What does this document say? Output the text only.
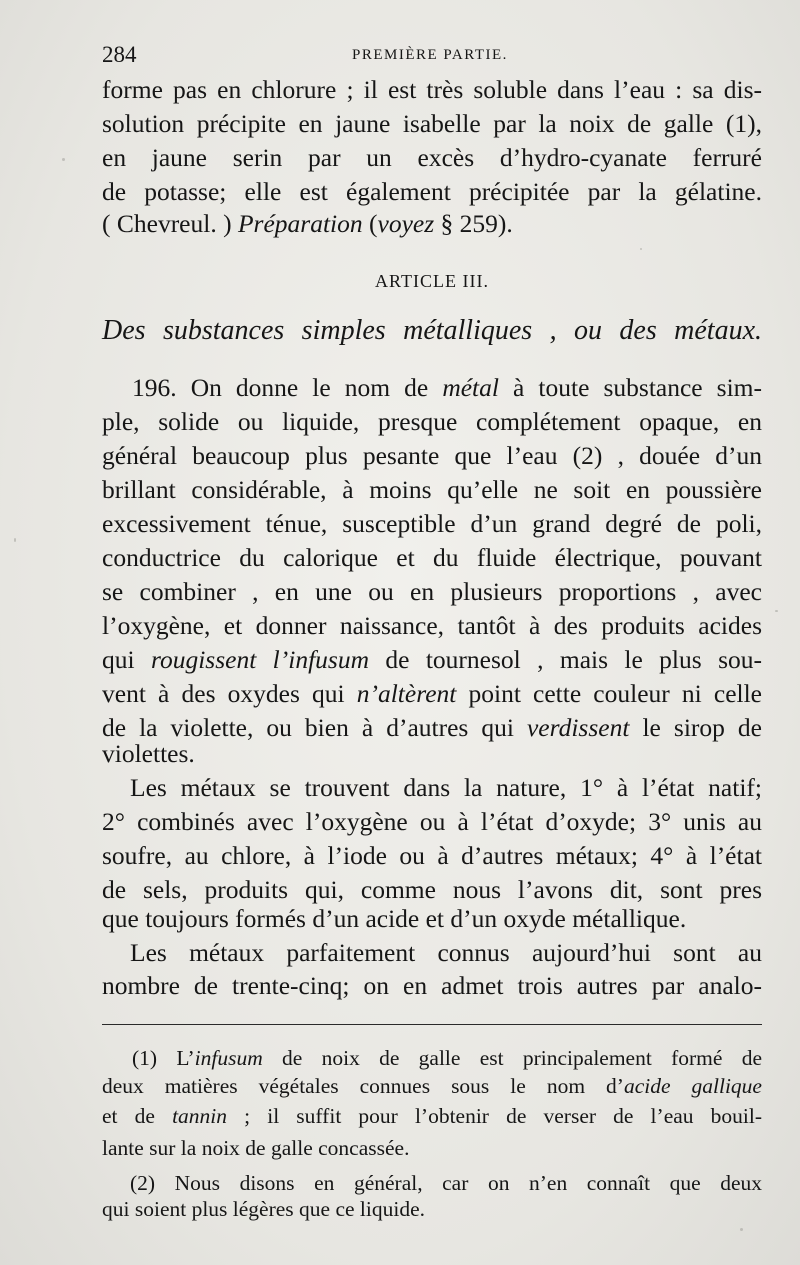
284	PREMIÈRE PARTIE.
forme pas en chlorure ; il est très soluble dans l’eau : sa dis-
solution précipite en jaune isabelle par la noix de galle (1),
en jaune serin par un excès d’hydro-cyanate ferruré
de potasse; elle est également précipitée par la gélatine.
( Chevreul. ) Préparation (voyez § 259).
ARTICLE III.
Des substances simples métalliques , ou des métaux.
196. On donne le nom de métal à toute substance sim-
ple, solide ou liquide, presque complétement opaque, en
général beaucoup plus pesante que l’eau (2) , douée d’un
brillant considérable, à moins qu’elle ne soit en poussière
excessivement ténue, susceptible d’un grand degré de poli,
conductrice du calorique et du fluide électrique, pouvant
se combiner , en une ou en plusieurs proportions , avec
l’oxygène, et donner naissance, tantôt à des produits acides
qui rougissent l’infusum de tournesol , mais le plus sou-
vent à des oxydes qui n’altèrent point cette couleur ni celle
de la violette, ou bien à d’autres qui verdissent le sirop de
violettes.
Les métaux se trouvent dans la nature, 1° à l’état natif;
2° combinés avec l’oxygène ou à l’état d’oxyde; 3° unis au
soufre, au chlore, à l’iode ou à d’autres métaux; 4° à l’état
de sels, produits qui, comme nous l’avons dit, sont pres
que toujours formés d’un acide et d’un oxyde métallique.
Les métaux parfaitement connus aujourd’hui sont au
nombre de trente-cinq; on en admet trois autres par analo-
(1) L’infusum de noix de galle est principalement formé de
deux matières végétales connues sous le nom d’acide gallique
et de tannin ; il suffit pour l’obtenir de verser de l’eau bouil-
lante sur la noix de galle concassée.
(2) Nous disons en général, car on n’en connaît que deux
qui soient plus légères que ce liquide.
